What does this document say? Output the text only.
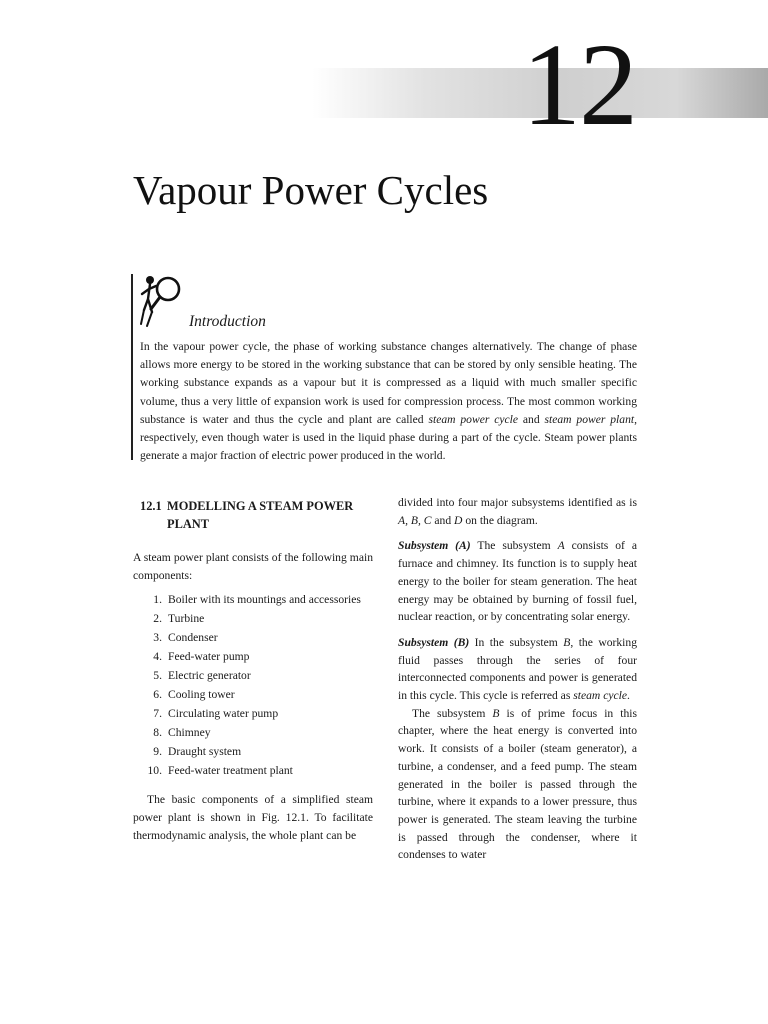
12
Vapour Power Cycles
Introduction

In the vapour power cycle, the phase of working substance changes alternatively. The change of phase allows more energy to be stored in the working substance that can be stored by only sensible heating. The working substance expands as a vapour but it is compressed as a liquid with much smaller specific volume, thus a very little of expansion work is used for compression process. The most common working substance is water and thus the cycle and plant are called steam power cycle and steam power plant, respectively, even though water is used in the liquid phase during a part of the cycle. Steam power plants generate a major fraction of electric power produced in the world.

12.1 MODELLING A STEAM POWER PLANT

A steam power plant consists of the following main components:

1. Boiler with its mountings and accessories
2. Turbine
3. Condenser
4. Feed-water pump
5. Electric generator
6. Cooling tower
7. Circulating water pump
8. Chimney
9. Draught system
10. Feed-water treatment plant

The basic components of a simplified steam power plant is shown in Fig. 12.1. To facilitate thermodynamic analysis, the whole plant can be

divided into four major subsystems identified as is A, B, C and D on the diagram.

Subsystem (A) The subsystem A consists of a furnace and chimney. Its function is to supply heat energy to the boiler for steam generation. The heat energy may be obtained by burning of fossil fuel, nuclear reaction, or by concentrating solar energy.

Subsystem (B) In the subsystem B, the working fluid passes through the series of four interconnected components and power is generated in this cycle. This cycle is referred as steam cycle.

The subsystem B is of prime focus in this chapter, where the heat energy is converted into work. It consists of a boiler (steam generator), a turbine, a condenser, and a feed pump. The steam generated in the boiler is passed through the turbine, where it expands to a lower pressure, thus power is generated. The steam leaving the turbine is passed through the condenser, where it condenses to water
